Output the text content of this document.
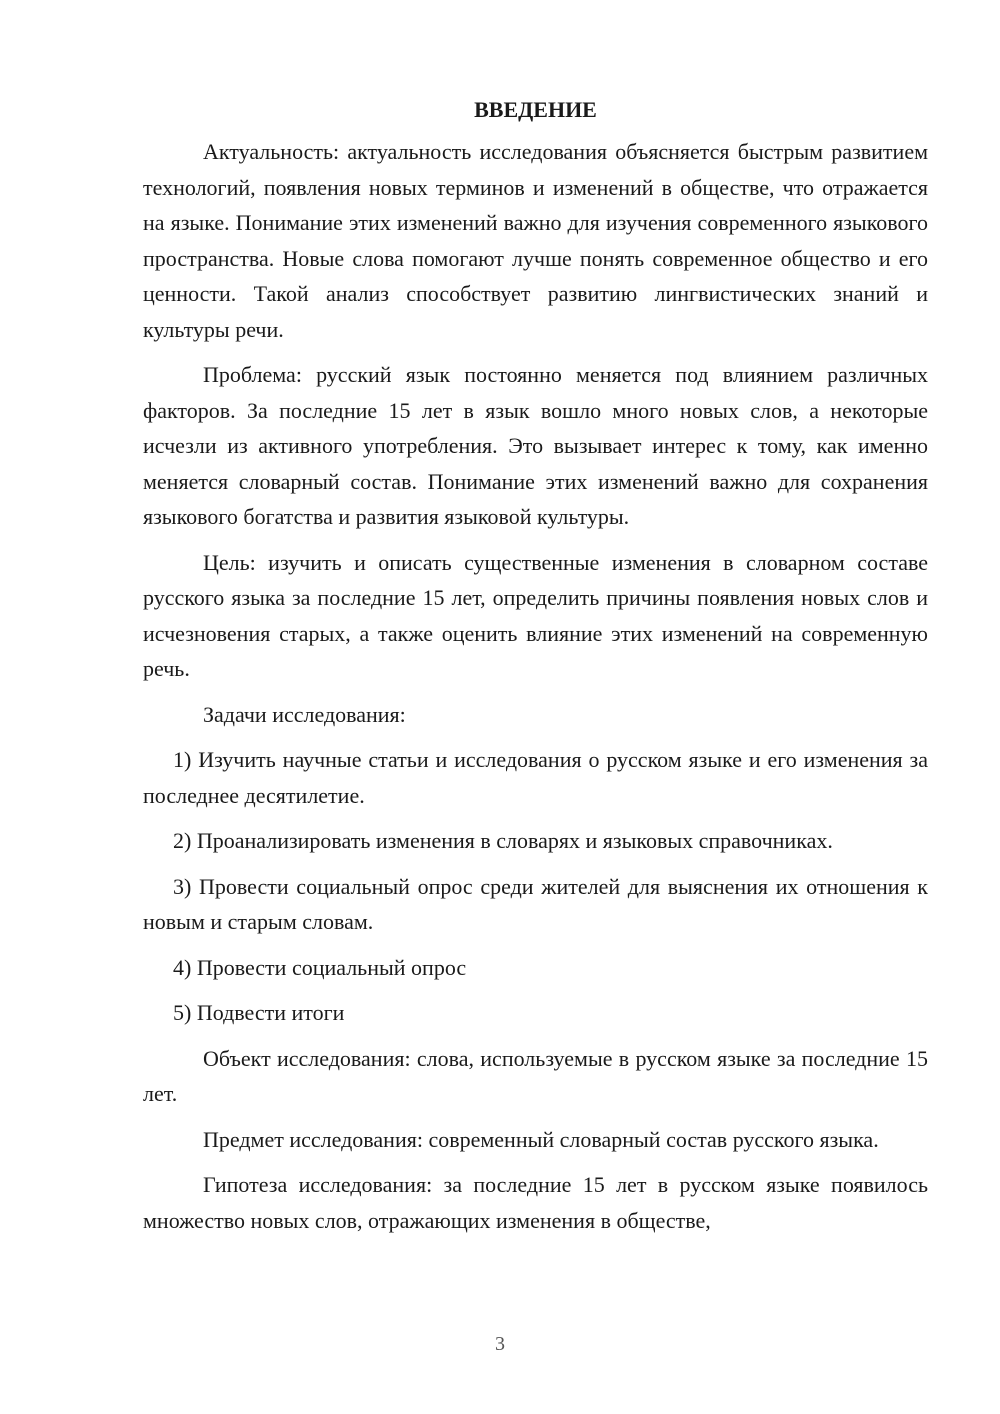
ВВЕДЕНИЕ

Актуальность: актуальность исследования объясняется быстрым развитием технологий, появления новых терминов и изменений в обществе, что отражается на языке. Понимание этих изменений важно для изучения современного языкового пространства. Новые слова помогают лучше понять современное общество и его ценности. Такой анализ способствует развитию лингвистических знаний и культуры речи.

Проблема: русский язык постоянно меняется под влиянием различных факторов. За последние 15 лет в язык вошло много новых слов, а некоторые исчезли из активного употребления. Это вызывает интерес к тому, как именно меняется словарный состав. Понимание этих изменений важно для сохранения языкового богатства и развития языковой культуры.

Цель: изучить и описать существенные изменения в словарном составе русского языка за последние 15 лет, определить причины появления новых слов и исчезновения старых, а также оценить влияние этих изменений на современную речь.

Задачи исследования:

1) Изучить научные статьи и исследования о русском языке и его изменения за последнее десятилетие.

2) Проанализировать изменения в словарях и языковых справочниках.

3) Провести социальный опрос среди жителей для выяснения их отношения к новым и старым словам.

4) Провести социальный опрос

5) Подвести итоги

Объект исследования: слова, используемые в русском языке за последние 15 лет.

Предмет исследования: современный словарный состав русского языка.

Гипотеза исследования: за последние 15 лет в русском языке появилось множество новых слов, отражающих изменения в обществе,

3
